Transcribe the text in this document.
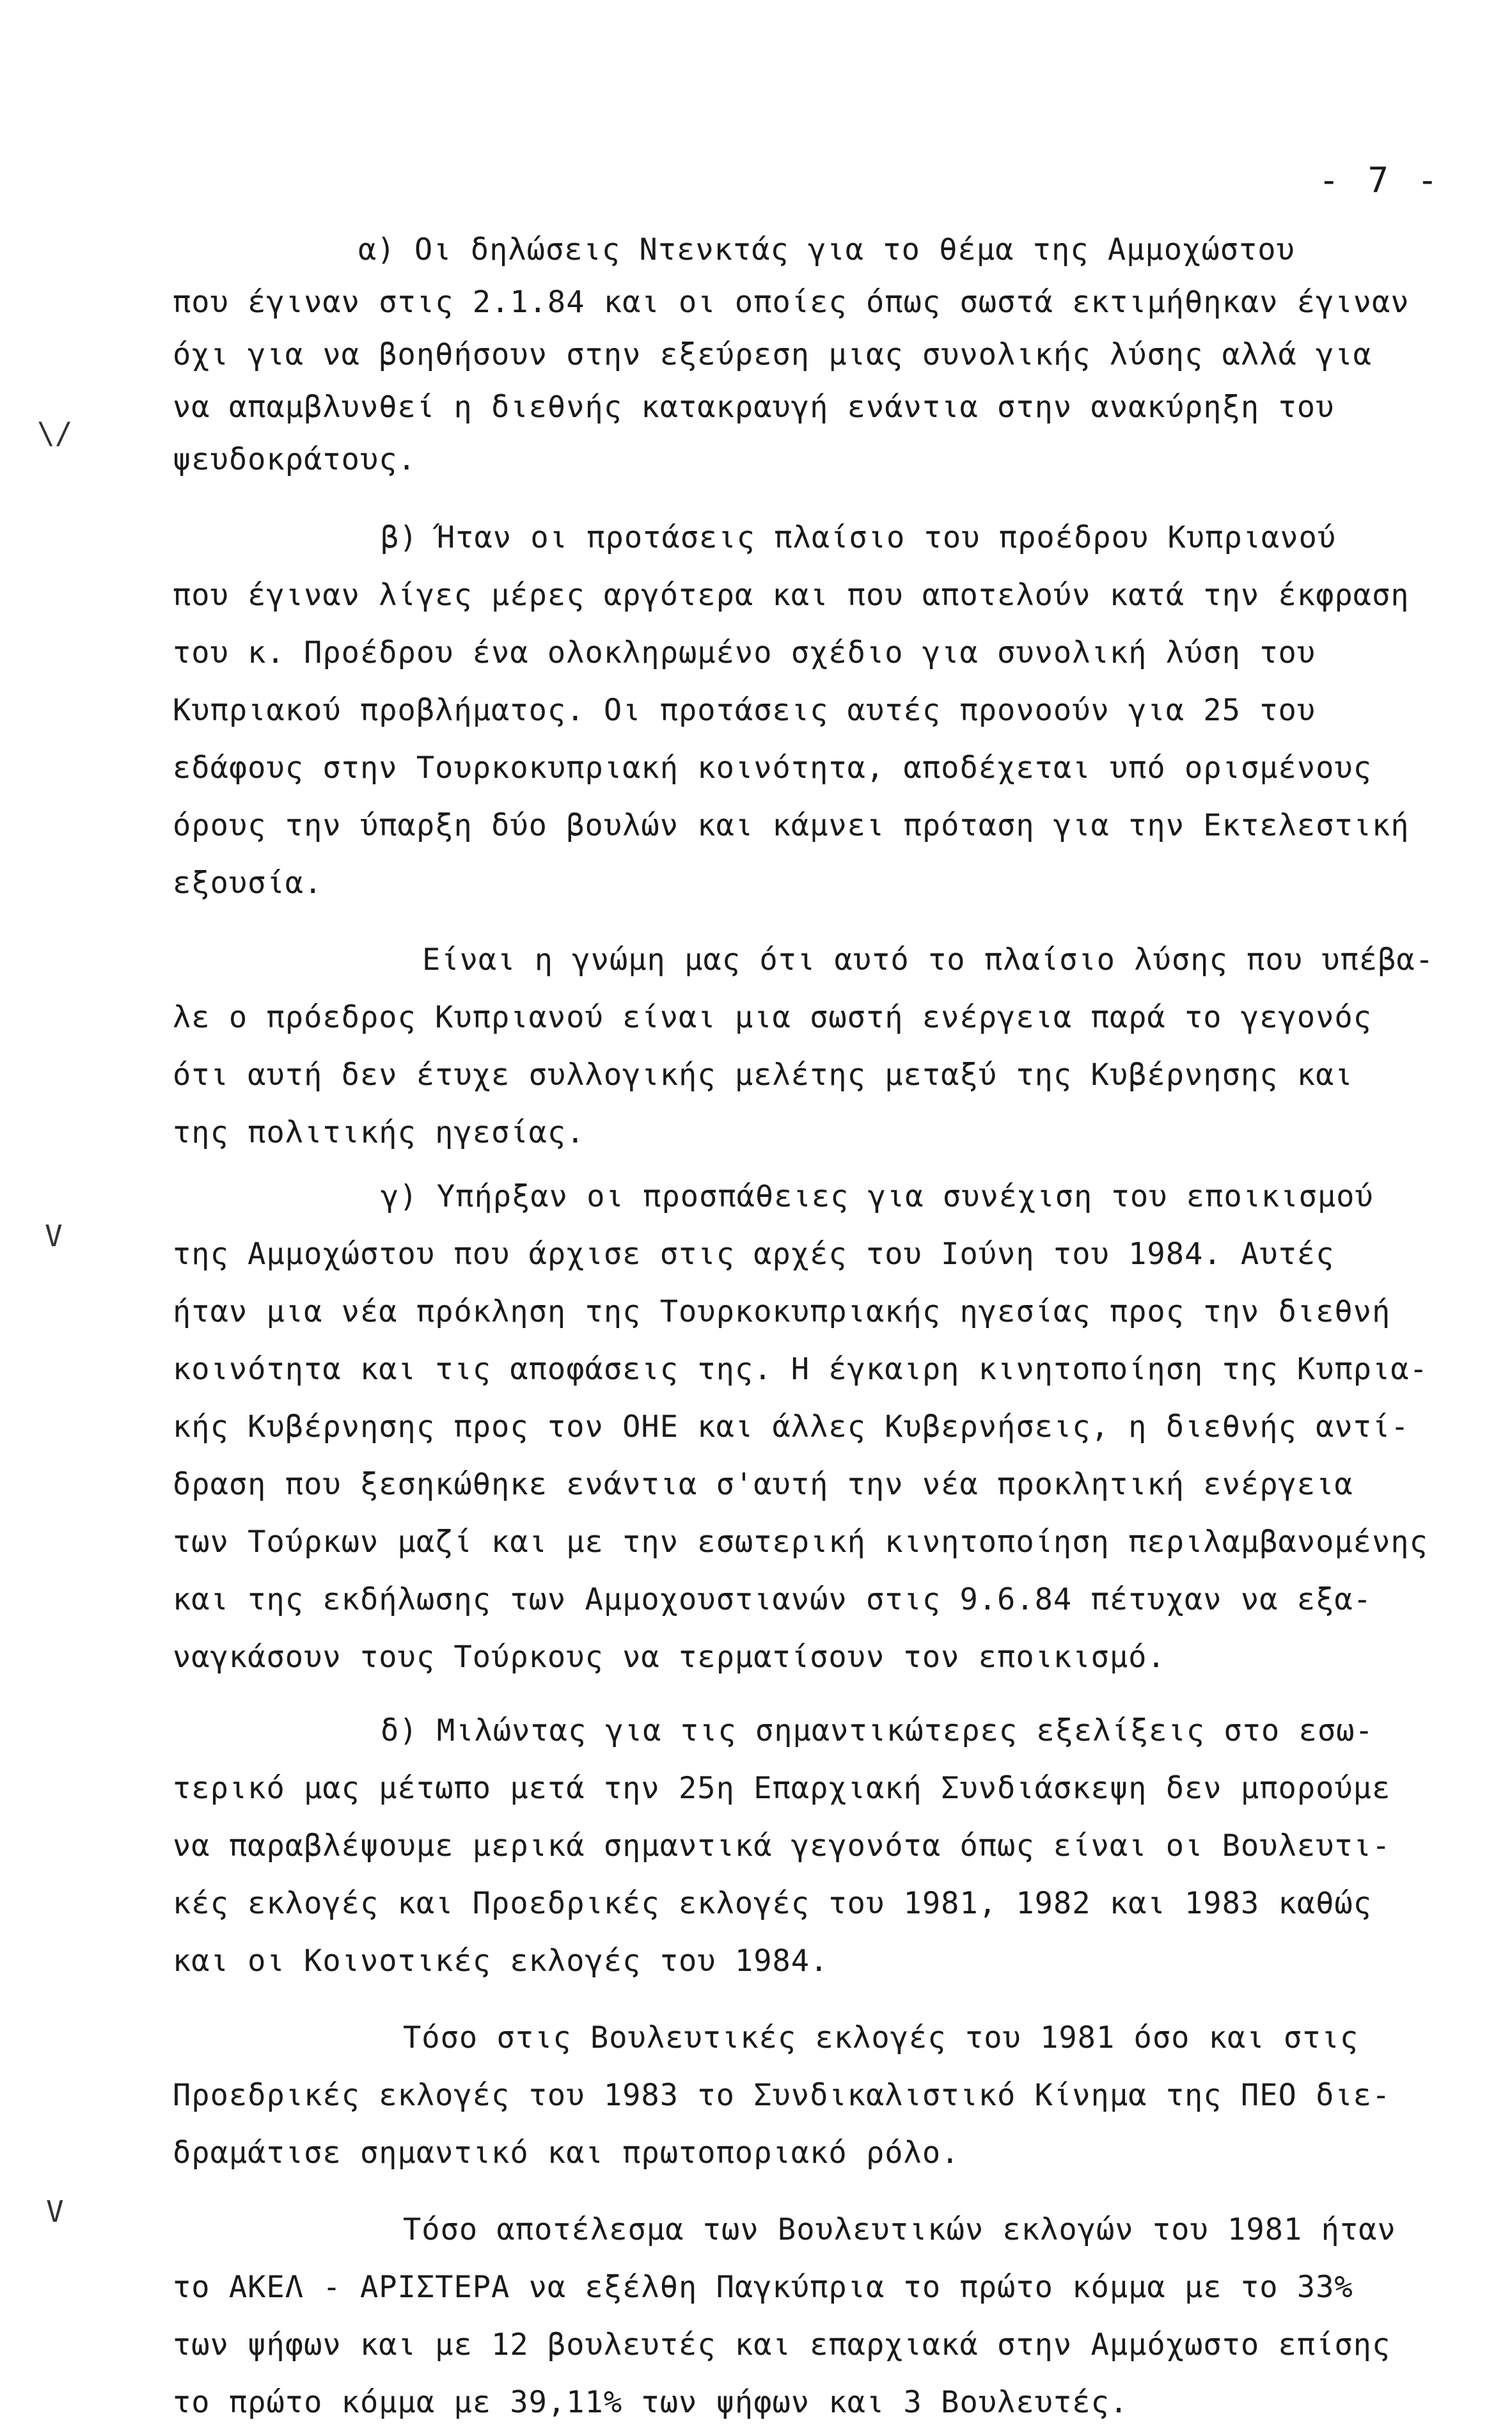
- 7 -
\/
V
V
α) Οι δηλώσεις Ντενκτάς για το θέμα της Αμμοχώστου
που έγιναν στις 2.1.84 και οι οποίες όπως σωστά εκτιμήθηκαν έγιναν
όχι για να βοηθήσουν στην εξεύρεση μιας συνολικής λύσης αλλά για
να απαμβλυνθεί η διεθνής κατακραυγή ενάντια στην ανακύρηξη του
ψευδοκράτους.
β) Ήταν οι προτάσεις πλαίσιο του προέδρου Κυπριανού
που έγιναν λίγες μέρες αργότερα και που αποτελούν κατά την έκφραση
του κ. Προέδρου ένα ολοκληρωμένο σχέδιο για συνολική λύση του
Κυπριακού προβλήματος. Οι προτάσεις αυτές προνοούν για 25 του
εδάφους στην Τουρκοκυπριακή κοινότητα, αποδέχεται υπό ορισμένους
όρους την ύπαρξη δύο βουλών και κάμνει πρόταση για την Εκτελεστική
εξουσία.
Είναι η γνώμη μας ότι αυτό το πλαίσιο λύσης που υπέβα-
λε ο πρόεδρος Κυπριανού είναι μια σωστή ενέργεια παρά το γεγονός
ότι αυτή δεν έτυχε συλλογικής μελέτης μεταξύ της Κυβέρνησης και
της πολιτικής ηγεσίας.
γ) Υπήρξαν οι προσπάθειες για συνέχιση του εποικισμού
της Αμμοχώστου που άρχισε στις αρχές του Ιούνη του 1984. Αυτές
ήταν μια νέα πρόκληση της Τουρκοκυπριακής ηγεσίας προς την διεθνή
κοινότητα και τις αποφάσεις της. Η έγκαιρη κινητοποίηση της Κυπρια-
κής Κυβέρνησης προς τον ΟΗΕ και άλλες Κυβερνήσεις, η διεθνής αντί-
δραση που ξεσηκώθηκε ενάντια σ'αυτή την νέα προκλητική ενέργεια
των Τούρκων μαζί και με την εσωτερική κινητοποίηση περιλαμβανομένης
και της εκδήλωσης των Αμμοχουστιανών στις 9.6.84 πέτυχαν να εξα-
ναγκάσουν τους Τούρκους να τερματίσουν τον εποικισμό.
δ) Μιλώντας για τις σημαντικώτερες εξελίξεις στο εσω-
τερικό μας μέτωπο μετά την 25η Επαρχιακή Συνδιάσκεψη δεν μπορούμε
να παραβλέψουμε μερικά σημαντικά γεγονότα όπως είναι οι Βουλευτι-
κές εκλογές και Προεδρικές εκλογές του 1981, 1982 και 1983 καθώς
και οι Κοινοτικές εκλογές του 1984.
Τόσο στις Βουλευτικές εκλογές του 1981 όσο και στις
Προεδρικές εκλογές του 1983 το Συνδικαλιστικό Κίνημα της ΠΕΟ διε-
δραμάτισε σημαντικό και πρωτοποριακό ρόλο.
Τόσο αποτέλεσμα των Βουλευτικών εκλογών του 1981 ήταν
το ΑΚΕΛ - ΑΡΙΣΤΕΡΑ να εξέλθη Παγκύπρια το πρώτο κόμμα με το 33%
των ψήφων και με 12 βουλευτές και επαρχιακά στην Αμμόχωστο επίσης
το πρώτο κόμμα με 39,11% των ψήφων και 3 Βουλευτές.
